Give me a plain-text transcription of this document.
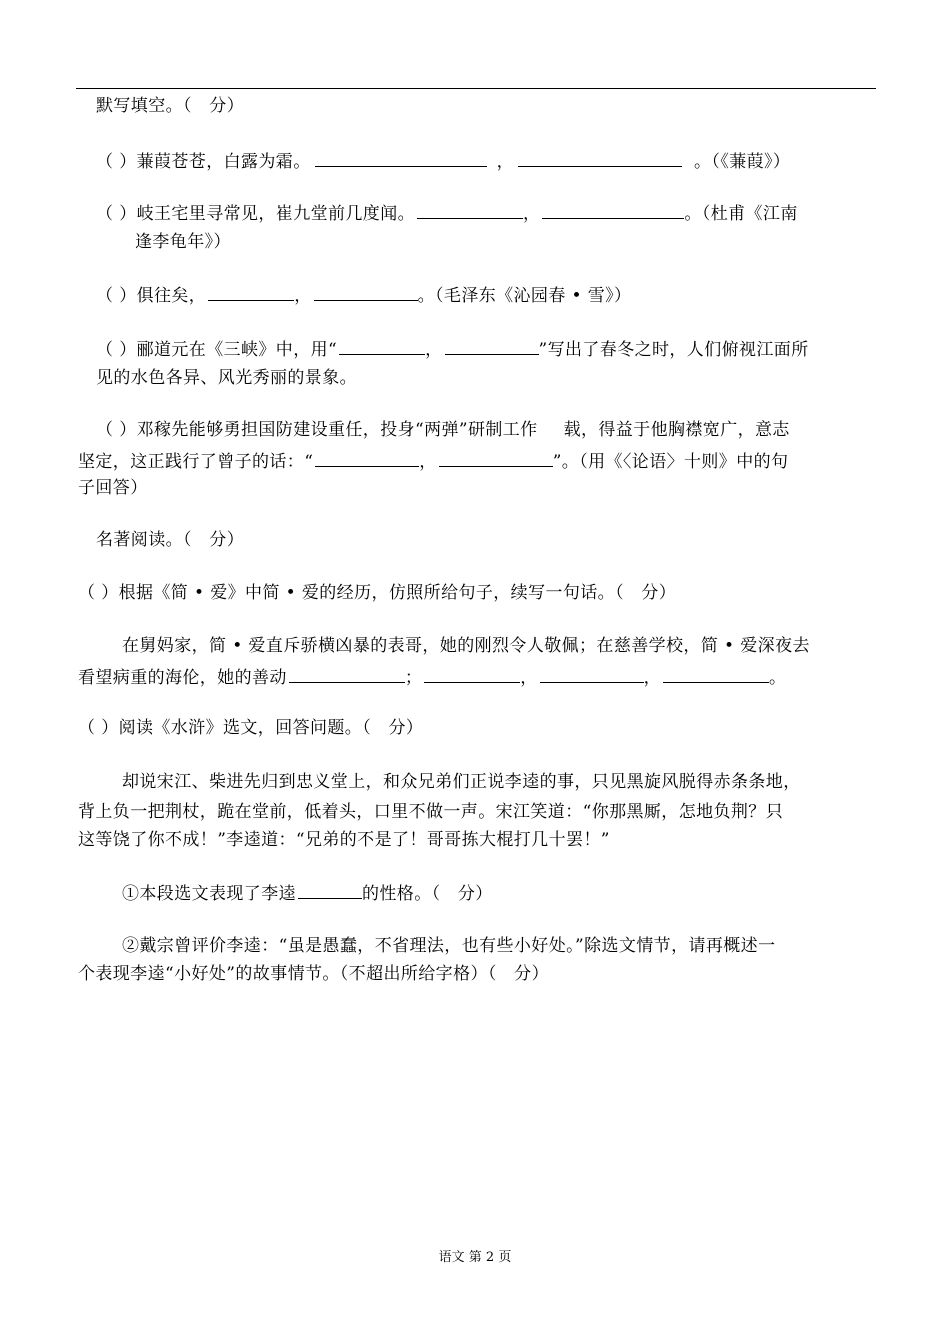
默写填空。（　分）
（ ）蒹葭苍苍，白露为霜。	，	。（《蒹葭》）
（ ）岐王宅里寻常见，崔九堂前几度闻。	，	。（杜甫《江南
逢李龟年》）
（ ）俱往矣，	，	。（毛泽东《沁园春 • 雪》）
（ ）郦道元在《三峡》中，用“	，	”写出了春冬之时，人们俯视江面所
见的水色各异、风光秀丽的景象。
（ ）邓稼先能够勇担国防建设重任，投身“两弹”研制工作 载，得益于他胸襟宽广，意志
坚定，这正践行了曾子的话：“	，	”。（用《〈论语〉十则》中的句
子回答）
名著阅读。（　分）
（ ）根据《简 • 爱》中简 • 爱的经历，仿照所给句子，续写一句话。（　分）
在舅妈家，简 • 爱直斥骄横凶暴的表哥，她的刚烈令人敬佩；在慈善学校，简 • 爱深夜去
看望病重的海伦，她的善动	；	，	，	。
（ ）阅读《水浒》选文，回答问题。（　分）
却说宋江、柴进先归到忠义堂上，和众兄弟们正说李逵的事，只见黑旋风脱得赤条条地，
背上负一把荆杖，跪在堂前，低着头，口里不做一声。宋江笑道：“你那黑厮，怎地负荆？只
这等饶了你不成！”李逵道：“兄弟的不是了！哥哥拣大棍打几十罢！”
①本段选文表现了李逵	的性格。（　分）
②戴宗曾评价李逵：“虽是愚蠢，不省理法，也有些小好处。”除选文情节，请再概述一
个表现李逵“小好处”的故事情节。（不超出所给字格）（　分）
语文 第 2 页
